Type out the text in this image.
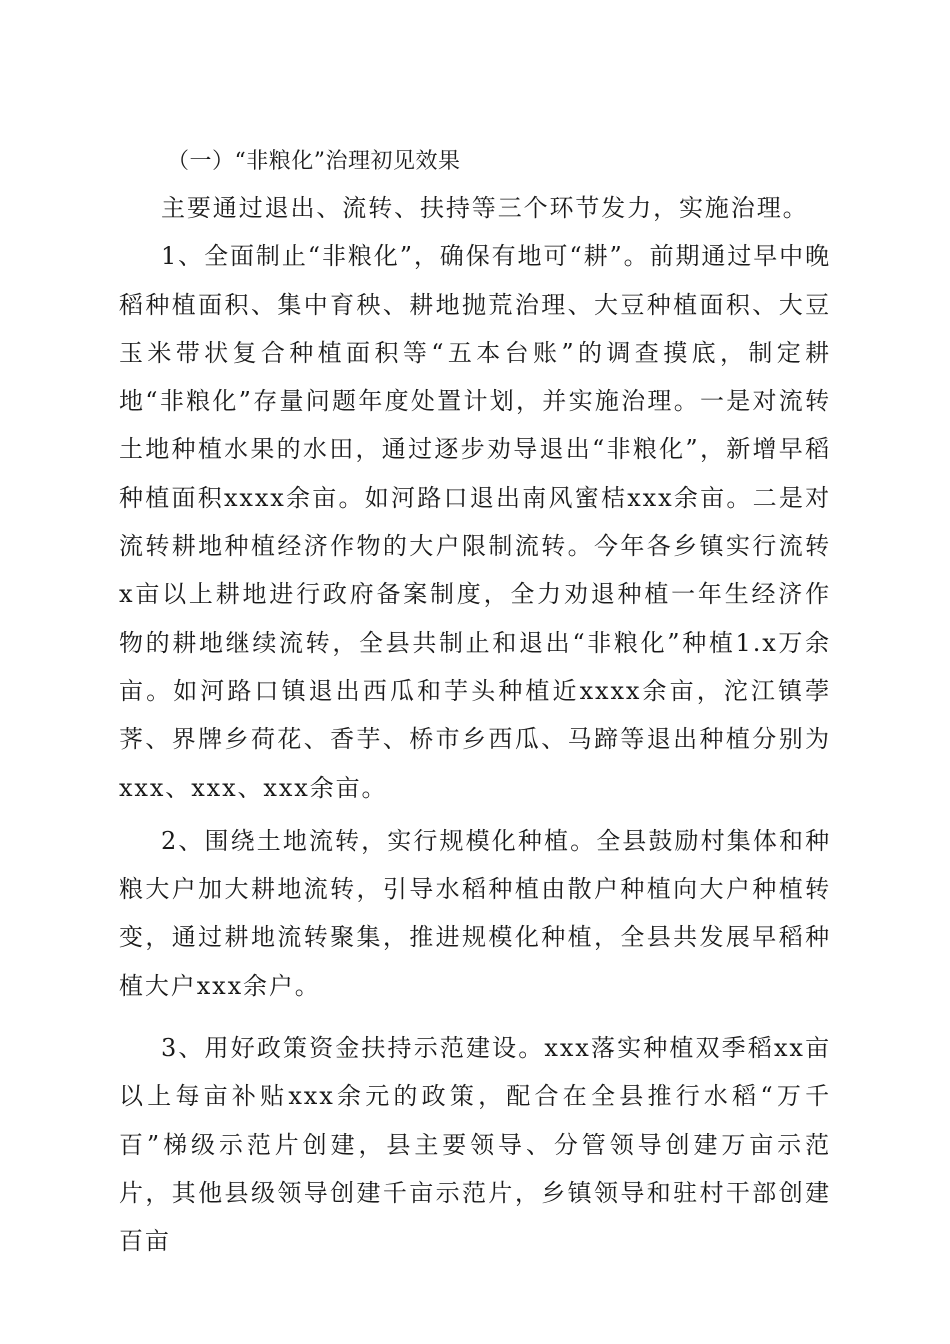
（一）“非粮化”治理初见效果

主要通过退出、流转、扶持等三个环节发力，实施治理。

1、全面制止“非粮化”，确保有地可“耕”。前期通过早中晚稻种植面积、集中育秧、耕地抛荒治理、大豆种植面积、大豆玉米带状复合种植面积等“五本台账”的调查摸底，制定耕地“非粮化”存量问题年度处置计划，并实施治理。一是对流转土地种植水果的水田，通过逐步劝导退出“非粮化”，新增早稻种植面积xxxx余亩。如河路口退出南风蜜桔xxx余亩。二是对流转耕地种植经济作物的大户限制流转。今年各乡镇实行流转x亩以上耕地进行政府备案制度，全力劝退种植一年生经济作物的耕地继续流转，全县共制止和退出“非粮化”种植1.x万余亩。如河路口镇退出西瓜和芋头种植近xxxx余亩，沱江镇荸荠、界牌乡荷花、香芋、桥市乡西瓜、马蹄等退出种植分别为xxx、xxx、xxx余亩。

2、围绕土地流转，实行规模化种植。全县鼓励村集体和种粮大户加大耕地流转，引导水稻种植由散户种植向大户种植转变，通过耕地流转聚集，推进规模化种植，全县共发展早稻种植大户xxx余户。

3、用好政策资金扶持示范建设。xxx落实种植双季稻xx亩以上每亩补贴xxx余元的政策，配合在全县推行水稻“万千百”梯级示范片创建，县主要领导、分管领导创建万亩示范片，其他县级领导创建千亩示范片，乡镇领导和驻村干部创建百亩
